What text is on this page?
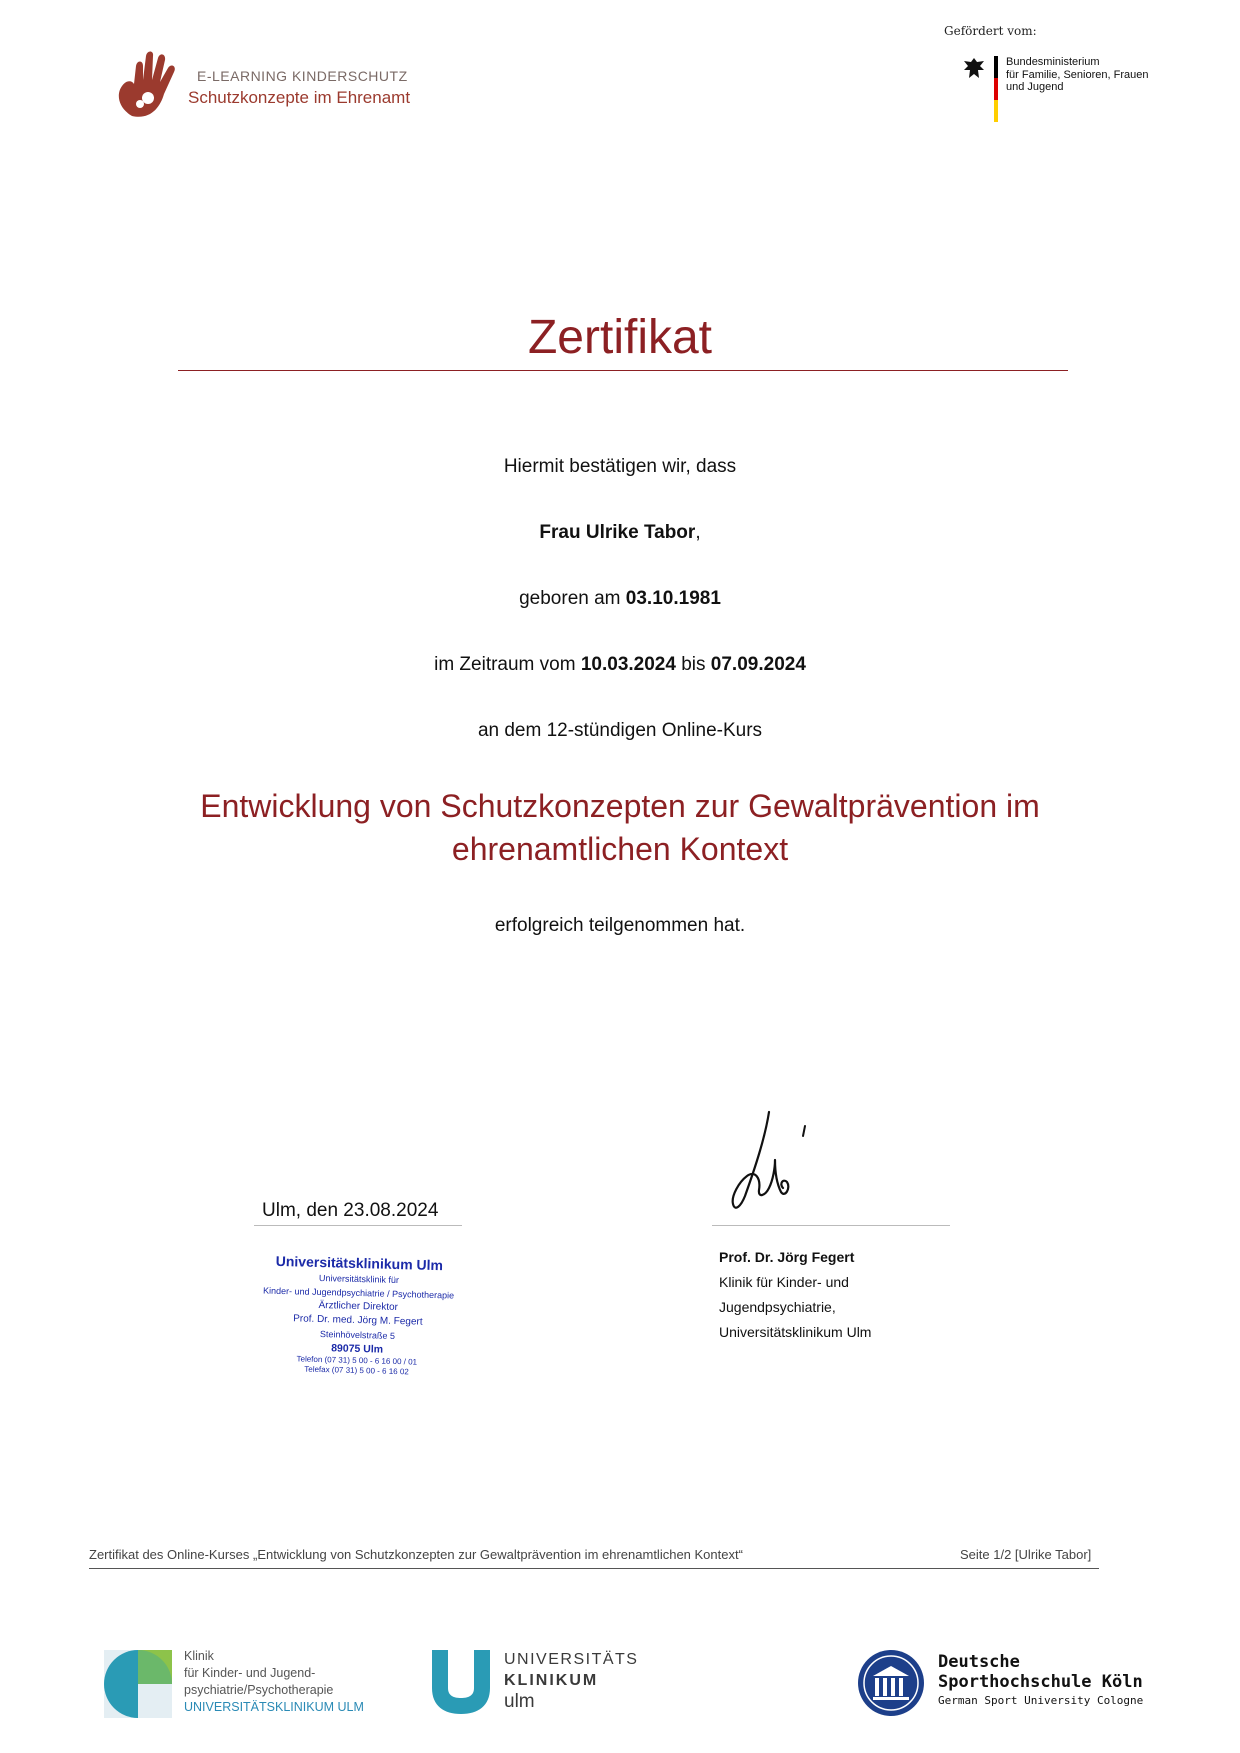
E-LEARNING KINDERSCHUTZ
Schutzkonzepte im Ehrenamt
Gefördert vom:
Bundesministerium
für Familie, Senioren, Frauen
und Jugend
Zertifikat
Hiermit bestätigen wir, dass
Frau Ulrike Tabor,
geboren am 03.10.1981
im Zeitraum vom 10.03.2024 bis 07.09.2024
an dem 12-stündigen Online-Kurs
Entwicklung von Schutzkonzepten zur Gewaltprävention im
ehrenamtlichen Kontext
erfolgreich teilgenommen hat.
Ulm, den 23.08.2024
Universitätsklinikum Ulm
Universitätsklinik für
Kinder- und Jugendpsychiatrie / Psychotherapie
Ärztlicher Direktor
Prof. Dr. med. Jörg M. Fegert
Steinhövelstraße 5
89075 Ulm
Telefon (07 31) 5 00 - 6 16 00 / 01
Telefax (07 31) 5 00 - 6 16 02
Prof. Dr. Jörg Fegert
Klinik für Kinder- und
Jugendpsychiatrie,
Universitätsklinikum Ulm
Zertifikat des Online-Kurses „Entwicklung von Schutzkonzepten zur Gewaltprävention im ehrenamtlichen Kontext“	Seite 1/2 [Ulrike Tabor]
Klinik
für Kinder- und Jugend-
psychiatrie/Psychotherapie
UNIVERSITÄTSKLINIKUM ULM
UNIVERSITÄTS
KLINIKUM
ulm
Deutsche
Sporthochschule Köln
German Sport University Cologne
